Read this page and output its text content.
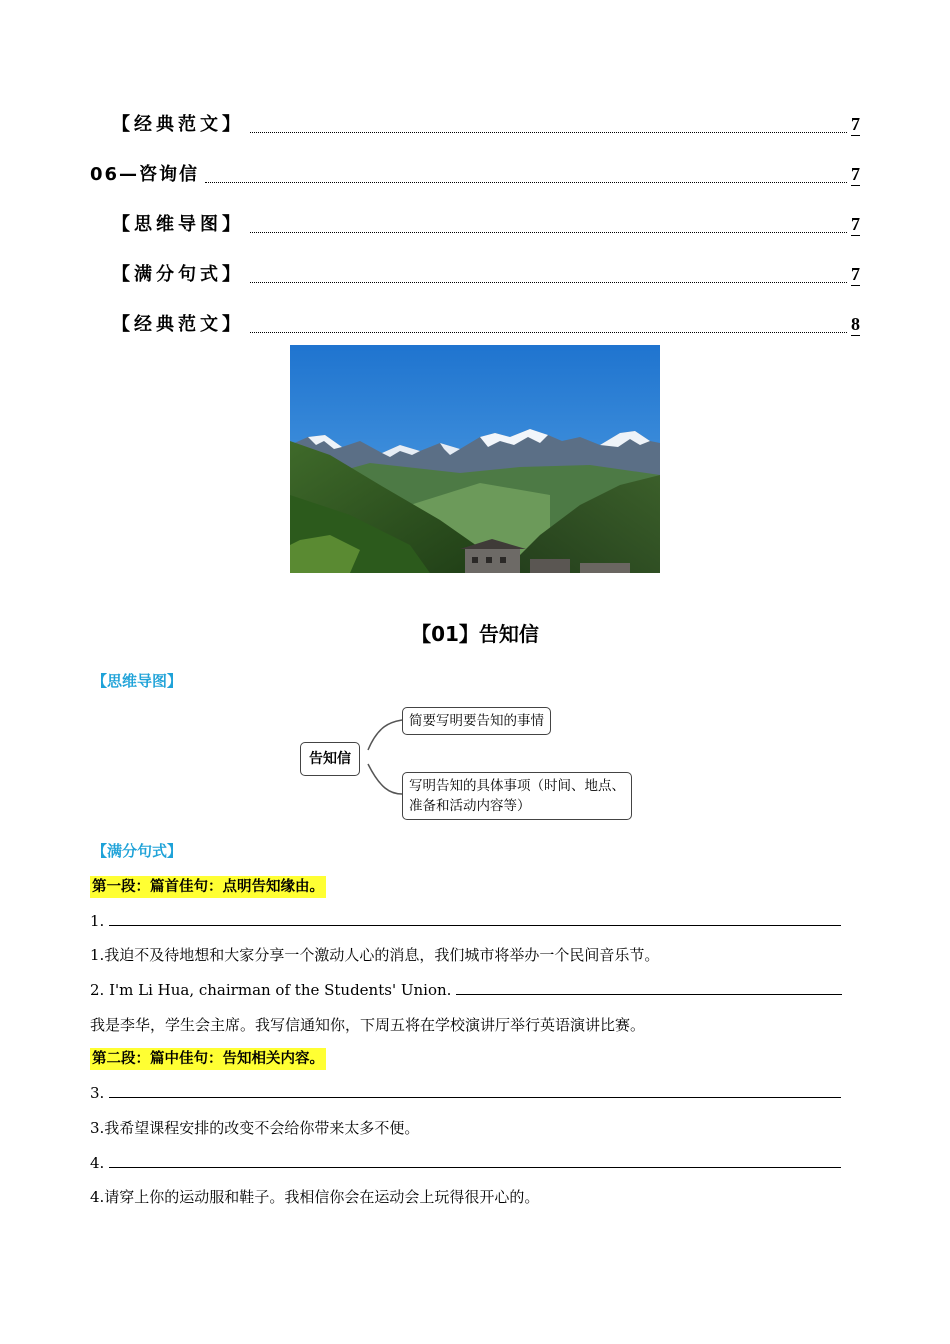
【经典范文】	7
06—咨询信	7
【思维导图】	7
【满分句式】	7
【经典范文】	8
【01】告知信
【思维导图】
告知信
简要写明要告知的事情
写明告知的具体事项（时间、地点、
准备和活动内容等）
【满分句式】
第一段：篇首佳句：点明告知缘由。
1.
1.我迫不及待地想和大家分享一个激动人心的消息，我们城市将举办一个民间音乐节。
2. I'm Li Hua, chairman of the Students' Union.
我是李华，学生会主席。我写信通知你，下周五将在学校演讲厅举行英语演讲比赛。
第二段：篇中佳句：告知相关内容。
3.
3.我希望课程安排的改变不会给你带来太多不便。
4.
4.请穿上你的运动服和鞋子。我相信你会在运动会上玩得很开心的。
